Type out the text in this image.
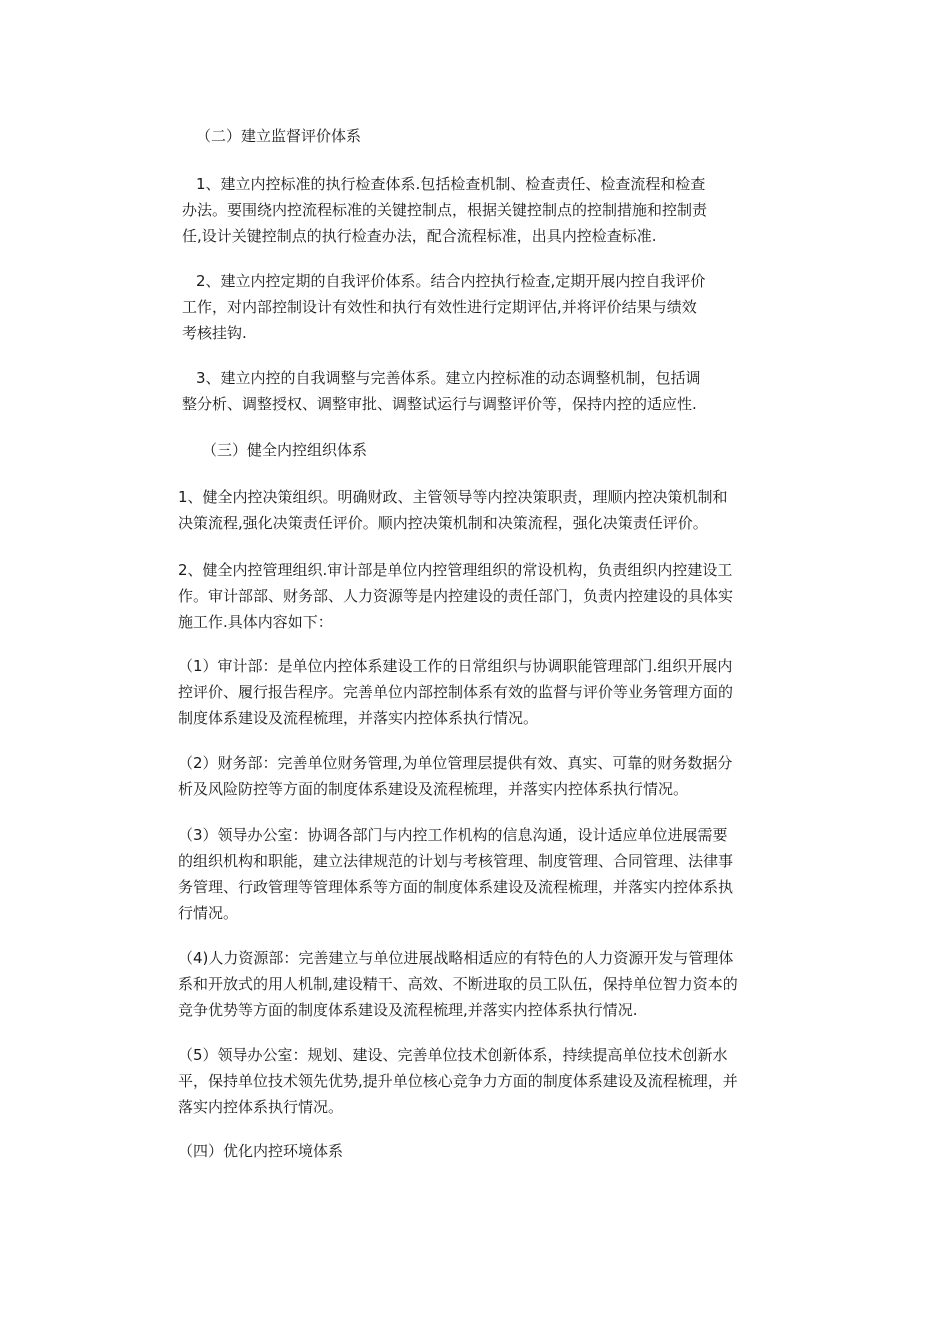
（二）建立监督评价体系

1、建立内控标准的执行检查体系.包括检查机制、检查责任、检查流程和检查
办法。要围绕内控流程标准的关键控制点，根据关键控制点的控制措施和控制责
任,设计关键控制点的执行检查办法，配合流程标准，出具内控检查标准.

2、建立内控定期的自我评价体系。结合内控执行检查,定期开展内控自我评价
工作，对内部控制设计有效性和执行有效性进行定期评估,并将评价结果与绩效
考核挂钩.

3、建立内控的自我调整与完善体系。建立内控标准的动态调整机制，包括调
整分析、调整授权、调整审批、调整试运行与调整评价等，保持内控的适应性.

（三）健全内控组织体系

1、健全内控决策组织。明确财政、主管领导等内控决策职责，理顺内控决策机制和
决策流程,强化决策责任评价。顺内控决策机制和决策流程，强化决策责任评价。

2、健全内控管理组织.审计部是单位内控管理组织的常设机构，负责组织内控建设工
作。审计部部、财务部、人力资源等是内控建设的责任部门，负责内控建设的具体实
施工作.具体内容如下：

（1）审计部：是单位内控体系建设工作的日常组织与协调职能管理部门.组织开展内
控评价、履行报告程序。完善单位内部控制体系有效的监督与评价等业务管理方面的
制度体系建设及流程梳理，并落实内控体系执行情况。

（2）财务部：完善单位财务管理,为单位管理层提供有效、真实、可靠的财务数据分
析及风险防控等方面的制度体系建设及流程梳理，并落实内控体系执行情况。

（3）领导办公室：协调各部门与内控工作机构的信息沟通，设计适应单位进展需要
的组织机构和职能，建立法律规范的计划与考核管理、制度管理、合同管理、法律事
务管理、行政管理等管理体系等方面的制度体系建设及流程梳理，并落实内控体系执
行情况。

（4)人力资源部：完善建立与单位进展战略相适应的有特色的人力资源开发与管理体
系和开放式的用人机制,建设精干、高效、不断进取的员工队伍，保持单位智力资本的
竞争优势等方面的制度体系建设及流程梳理,并落实内控体系执行情况.

（5）领导办公室：规划、建设、完善单位技术创新体系，持续提高单位技术创新水
平，保持单位技术领先优势,提升单位核心竞争力方面的制度体系建设及流程梳理，并
落实内控体系执行情况。

（四）优化内控环境体系
